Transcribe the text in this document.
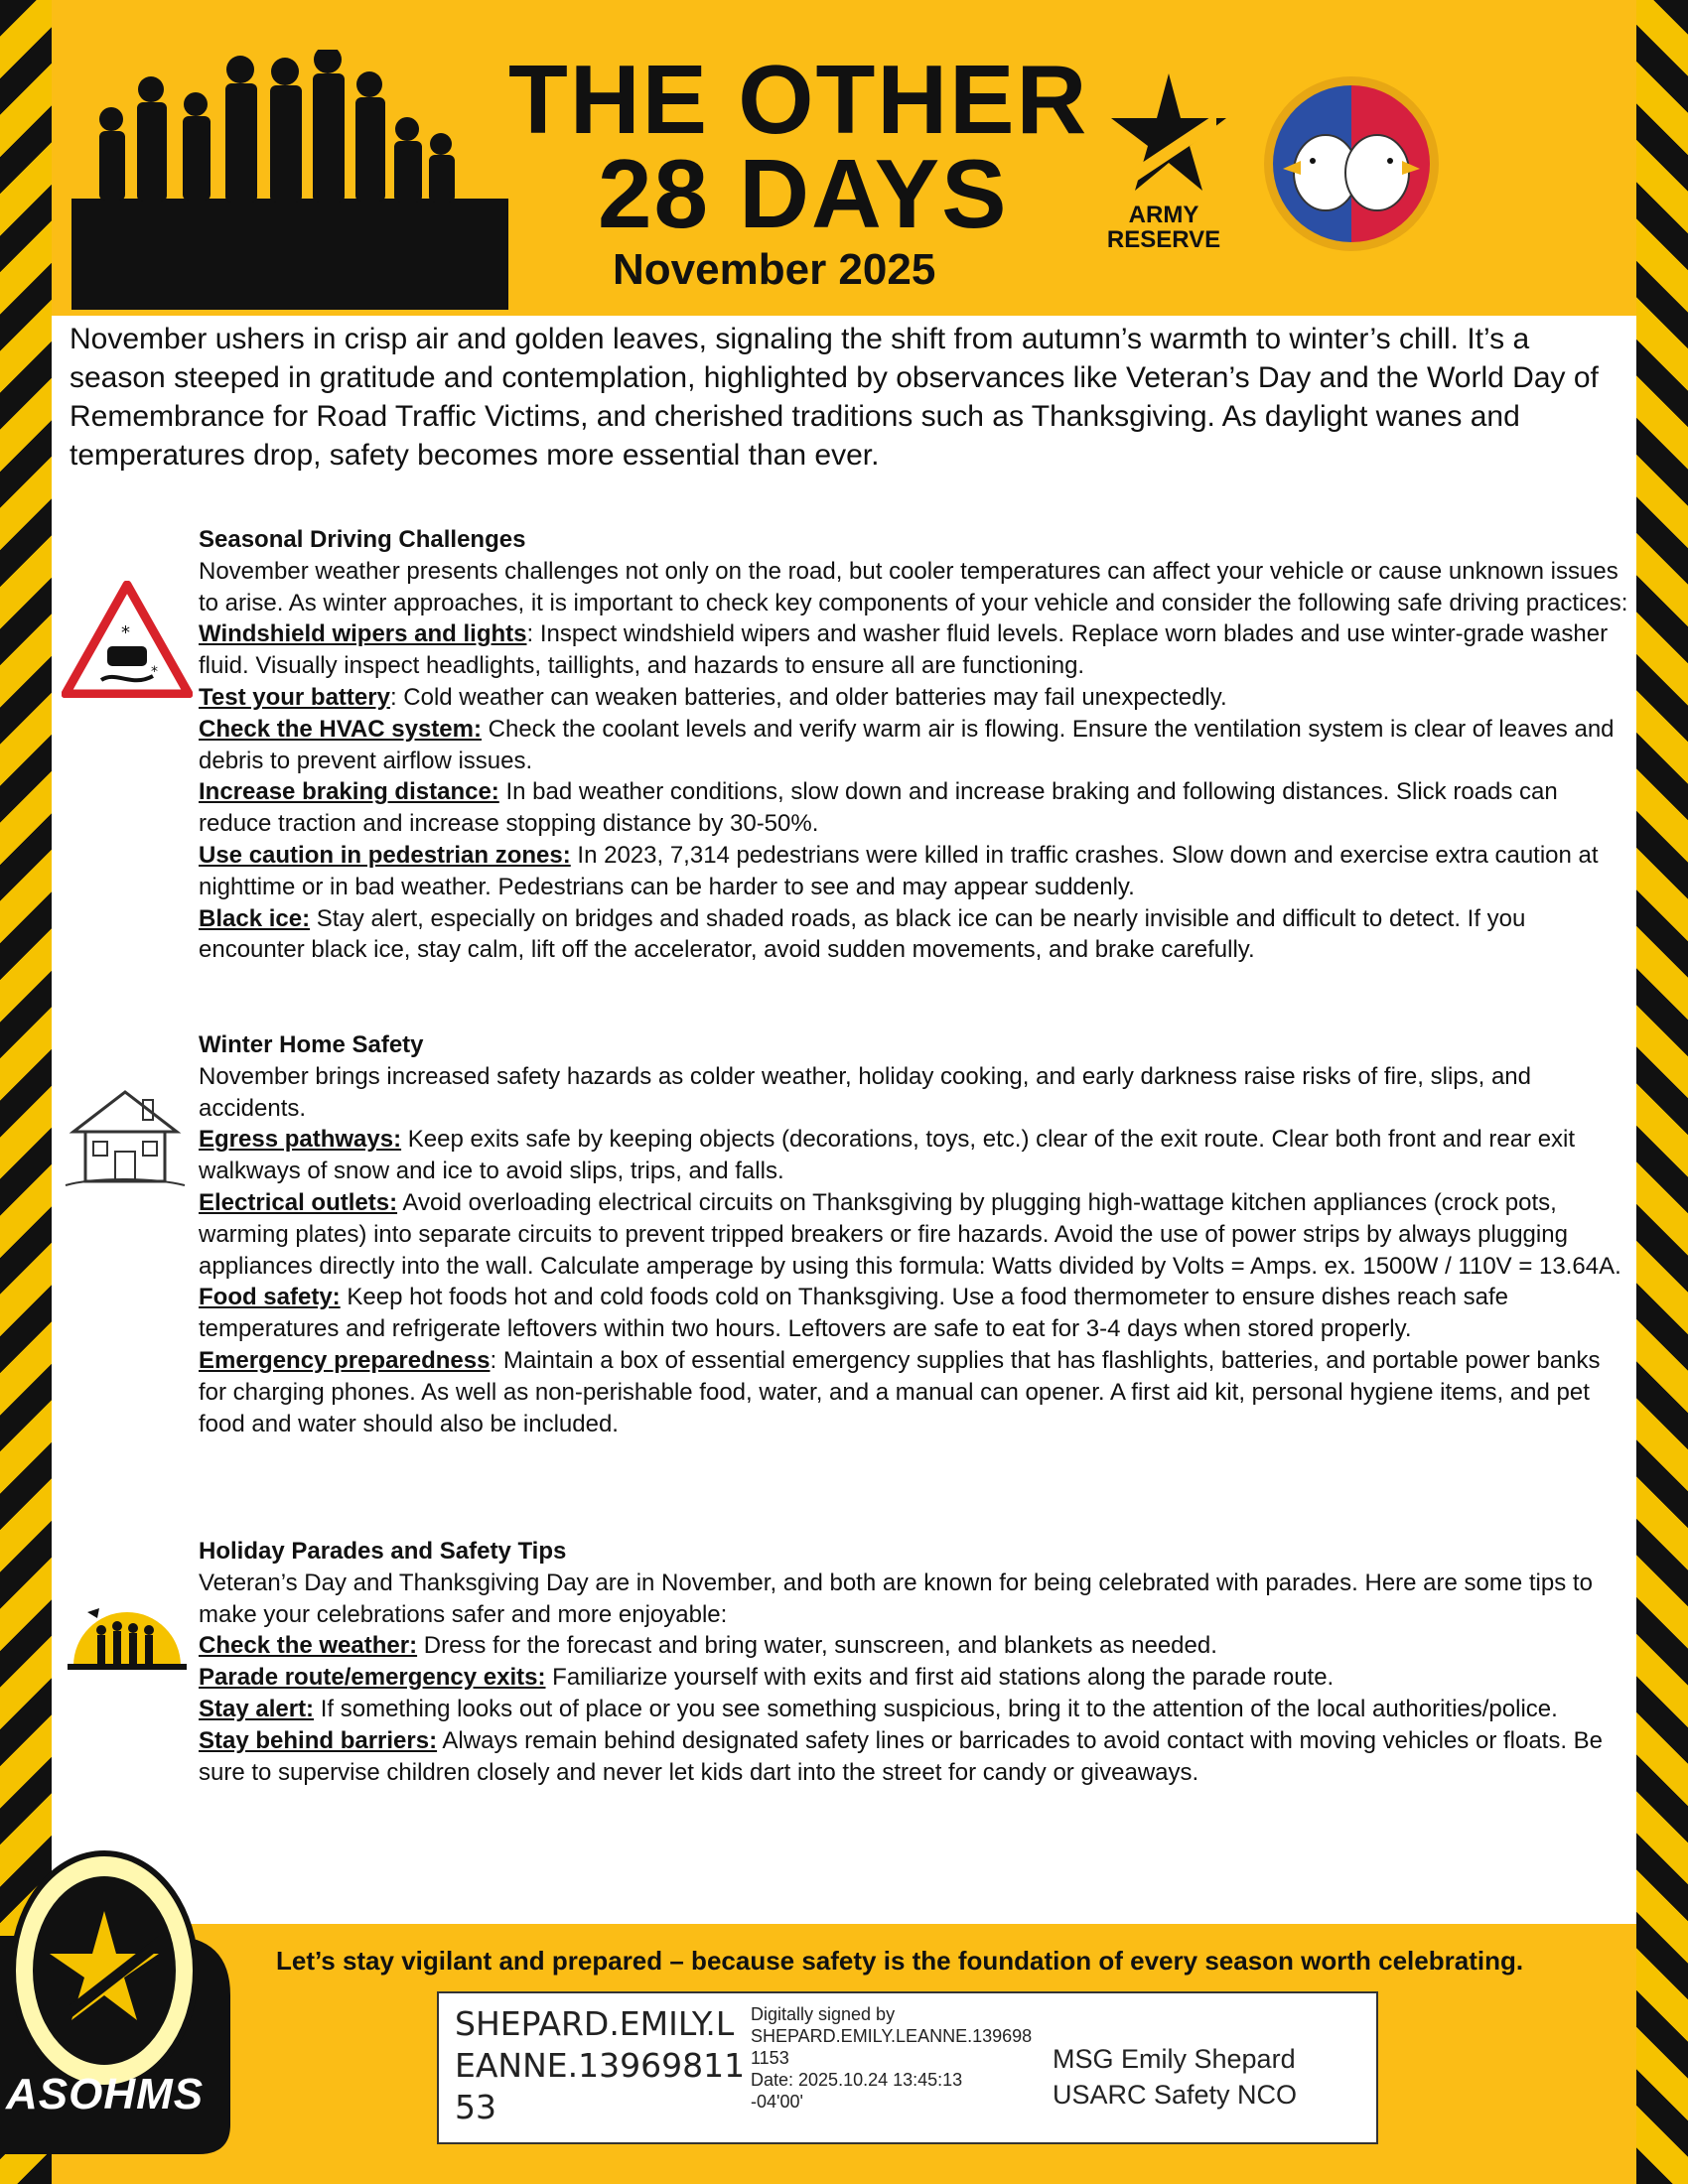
THE OTHER
28 DAYS
November 2025
ARMY
RESERVE
November ushers in crisp air and golden leaves, signaling the shift from autumn’s warmth to winter’s chill. It’s a season steeped in gratitude and contemplation, highlighted by observances like Veteran’s Day and the World Day of Remembrance for Road Traffic Victims, and cherished traditions such as Thanksgiving. As daylight wanes and temperatures drop, safety becomes more essential than ever.
*
*

Seasonal Driving Challenges

November weather presents challenges not only on the road, but cooler temperatures can affect your vehicle or cause unknown issues to arise. As winter approaches, it is important to check key components of your vehicle and consider the following safe driving practices:

Windshield wipers and lights: Inspect windshield wipers and washer fluid levels. Replace worn blades and use winter-grade washer fluid. Visually inspect headlights, taillights, and hazards to ensure all are functioning.

Test your battery: Cold weather can weaken batteries, and older batteries may fail unexpectedly.

Check the HVAC system: Check the coolant levels and verify warm air is flowing. Ensure the ventilation system is clear of leaves and debris to prevent airflow issues.

Increase braking distance: In bad weather conditions, slow down and increase braking and following distances. Slick roads can reduce traction and increase stopping distance by 30-50%.

Use caution in pedestrian zones: In 2023, 7,314 pedestrians were killed in traffic crashes. Slow down and exercise extra caution at nighttime or in bad weather. Pedestrians can be harder to see and may appear suddenly.

Black ice: Stay alert, especially on bridges and shaded roads, as black ice can be nearly invisible and difficult to detect. If you encounter black ice, stay calm, lift off the accelerator, avoid sudden movements, and brake carefully.

Winter Home Safety

November brings increased safety hazards as colder weather, holiday cooking, and early darkness raise risks of fire, slips, and accidents.

Egress pathways: Keep exits safe by keeping objects (decorations, toys, etc.) clear of the exit route. Clear both front and rear exit walkways of snow and ice to avoid slips, trips, and falls.

Electrical outlets: Avoid overloading electrical circuits on Thanksgiving by plugging high-wattage kitchen appliances (crock pots, warming plates) into separate circuits to prevent tripped breakers or fire hazards. Avoid the use of power strips by always plugging appliances directly into the wall. Calculate amperage by using this formula: Watts divided by Volts = Amps. ex. 1500W / 110V = 13.64A.

Food safety: Keep hot foods hot and cold foods cold on Thanksgiving. Use a food thermometer to ensure dishes reach safe temperatures and refrigerate leftovers within two hours. Leftovers are safe to eat for 3-4 days when stored properly.

Emergency preparedness: Maintain a box of essential emergency supplies that has flashlights, batteries, and portable power banks for charging phones. As well as non-perishable food, water, and a manual can opener. A first aid kit, personal hygiene items, and pet food and water should also be included.

Holiday Parades and Safety Tips

Veteran’s Day and Thanksgiving Day are in November, and both are known for being celebrated with parades. Here are some tips to make your celebrations safer and more enjoyable:

Check the weather: Dress for the forecast and bring water, sunscreen, and blankets as needed.

Parade route/emergency exits: Familiarize yourself with exits and first aid stations along the parade route.

Stay alert: If something looks out of place or you see something suspicious, bring it to the attention of the local authorities/police.

Stay behind barriers: Always remain behind designated safety lines or barricades to avoid contact with moving vehicles or floats. Be sure to supervise children closely and never let kids dart into the street for candy or giveaways.

ASOHMS
Let’s stay vigilant and prepared – because safety is the foundation of every season worth celebrating.
SHEPARD.EMILY.LEANNE.1396981153
Digitally signed by
SHEPARD.EMILY.LEANNE.1396981153
Date: 2025.10.24 13:45:13
-04'00'
MSG Emily Shepard
USARC Safety NCO
